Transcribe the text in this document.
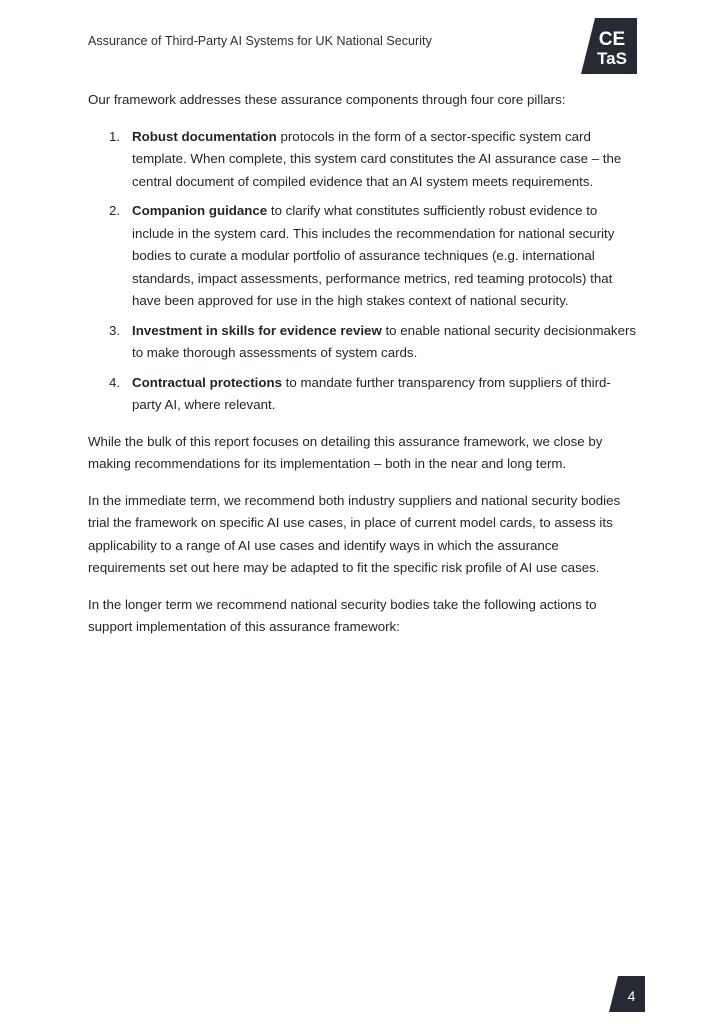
Assurance of Third-Party AI Systems for UK National Security	CE
TaS

Our framework addresses these assurance components through four core pillars:

1. Robust documentation protocols in the form of a sector-specific system card template. When complete, this system card constitutes the AI assurance case – the central document of compiled evidence that an AI system meets requirements.
2. Companion guidance to clarify what constitutes sufficiently robust evidence to include in the system card. This includes the recommendation for national security bodies to curate a modular portfolio of assurance techniques (e.g. international standards, impact assessments, performance metrics, red teaming protocols) that have been approved for use in the high stakes context of national security.
3. Investment in skills for evidence review to enable national security decisionmakers to make thorough assessments of system cards.
4. Contractual protections to mandate further transparency from suppliers of third-party AI, where relevant.

While the bulk of this report focuses on detailing this assurance framework, we close by making recommendations for its implementation – both in the near and long term.

In the immediate term, we recommend both industry suppliers and national security bodies trial the framework on specific AI use cases, in place of current model cards, to assess its applicability to a range of AI use cases and identify ways in which the assurance requirements set out here may be adapted to fit the specific risk profile of AI use cases.

In the longer term we recommend national security bodies take the following actions to support implementation of this assurance framework:

4
